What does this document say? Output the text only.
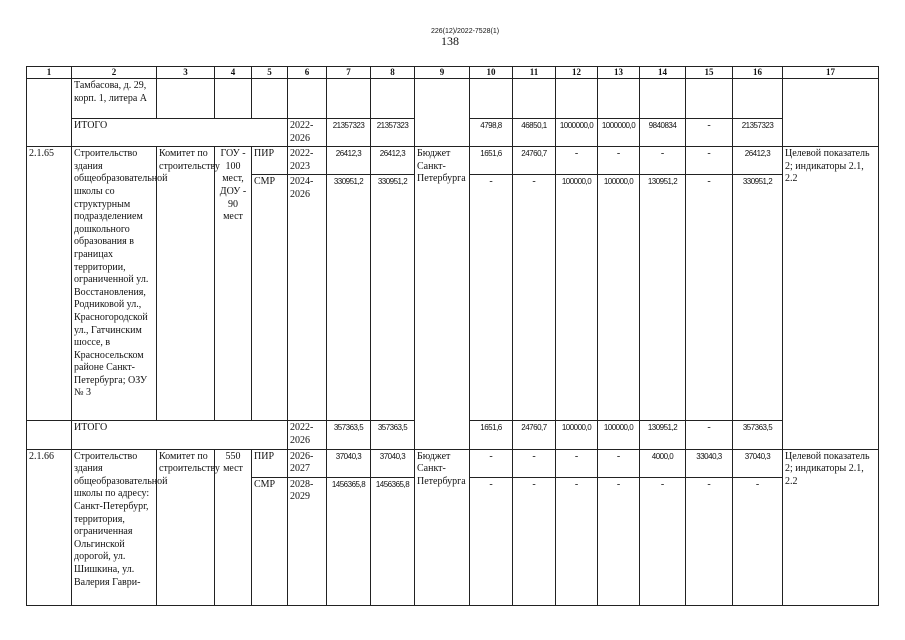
226(12)/2022-7528(1)
138
1	2	3	4	5	6	7	8	9	10	11	12	13	14	15	16	17
	Тамбасова, д. 29, корп. 1, литера А															
	ИТОГО				2022-2026	21357323	21357323		4798,8	46850,1	1000000,0	1000000,0	9840834	-	21357323	
2.1.65	Строительство здания общеобразовательной школы со структурным подразделением дошкольного образования в границах территории, ограниченной ул. Восстановления, Родниковой ул., Красногородской ул., Гатчинским шоссе, в Красносельском районе Санкт-Петербурга; ОЗУ № 3	Комитет по строительству	ГОУ - 100 мест, ДОУ - 90 мест	ПИР	2022-2023	26412,3	26412,3	Бюджет Санкт-Петербурга	1651,6	24760,7	-	-	-	-	26412,3	Целевой показатель 2; индикаторы 2.1, 2.2
				СМР	2024-2026	330951,2	330951,2		-	-	100000,0	100000,0	130951,2	-	330951,2	
	ИТОГО				2022-2026	357363,5	357363,5		1651,6	24760,7	100000,0	100000,0	130951,2	-	357363,5	
2.1.66	Строительство здания общеобразовательной школы по адресу: Санкт-Петербург, территория, ограниченная Ольгинской дорогой, ул. Шишкина, ул. Валерия Гаври-	Комитет по строительству	550 мест	ПИР	2026-2027	37040,3	37040,3	Бюджет Санкт-Петербурга	-	-	-	-	4000,0	33040,3	37040,3	Целевой показатель 2; индикаторы 2.1, 2.2
				СМР	2028-2029	1456365,8	1456365,8		-	-	-	-	-	-	-	
